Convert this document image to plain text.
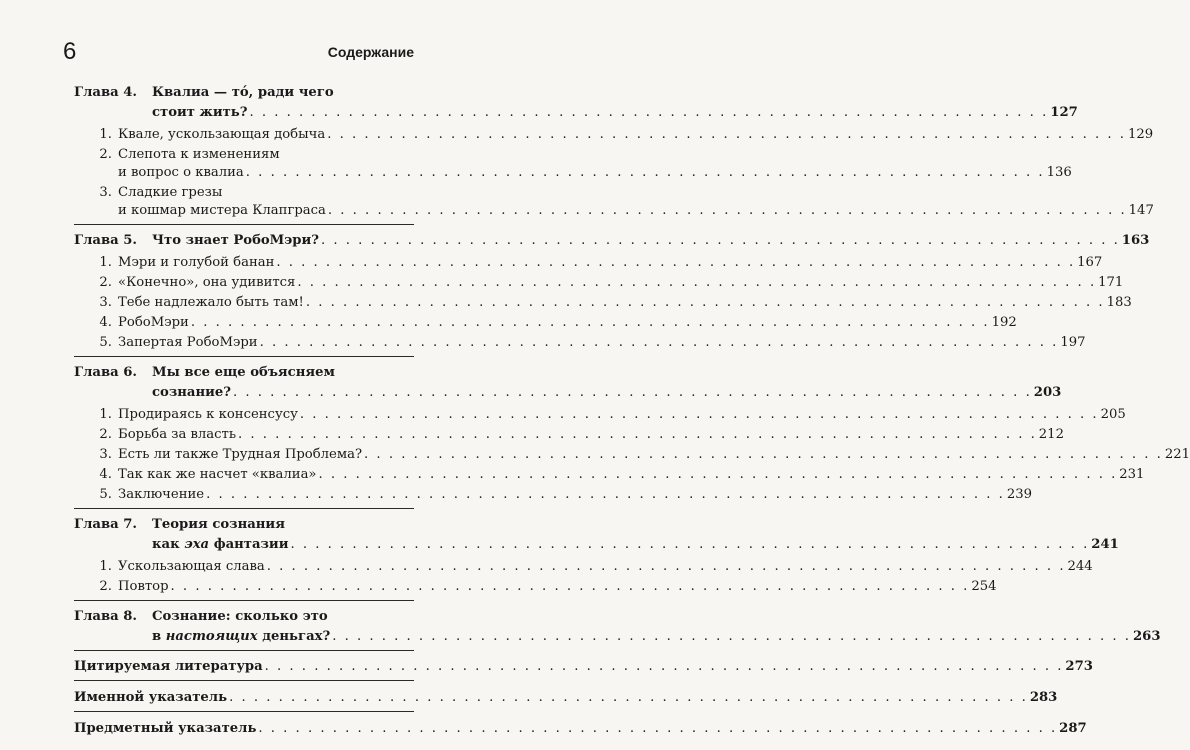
6	Содержание
Глава 4.	Квалиа — тó, ради чего
стоит жить? . . .	127
1. Квале, ускользающая добыча . . .	129
2. Слепота к изменениям
и вопрос о квалиа . . .	136
3. Сладкие грезы
и кошмар мистера Клапграса . . .	147
Глава 5.	Что знает РобоМэри? . . .	163
1. Мэри и голубой банан . . .	167
2. «Конечно», она удивится . . .	171
3. Тебе надлежало быть там! . . .	183
4. РобоМэри . . .	192
5. Запертая РобоМэри . . .	197
Глава 6.	Мы все еще объясняем
сознание? . . .	203
1. Продираясь к консенсусу . . .	205
2. Борьба за власть . . .	212
3. Есть ли также Трудная Проблема? . . .	221
4. Так как же насчет «квалиа» . . .	231
5. Заключение . . .	239
Глава 7.	Теория сознания
как эха фантазии . . .	241
1. Ускользающая слава . . .	244
2. Повтор . . .	254
Глава 8.	Сознание: сколько это
в настоящих деньгах? . . .	263
Цитируемая литература . . .	273
Именной указатель . . .	283
Предметный указатель . . .	287
